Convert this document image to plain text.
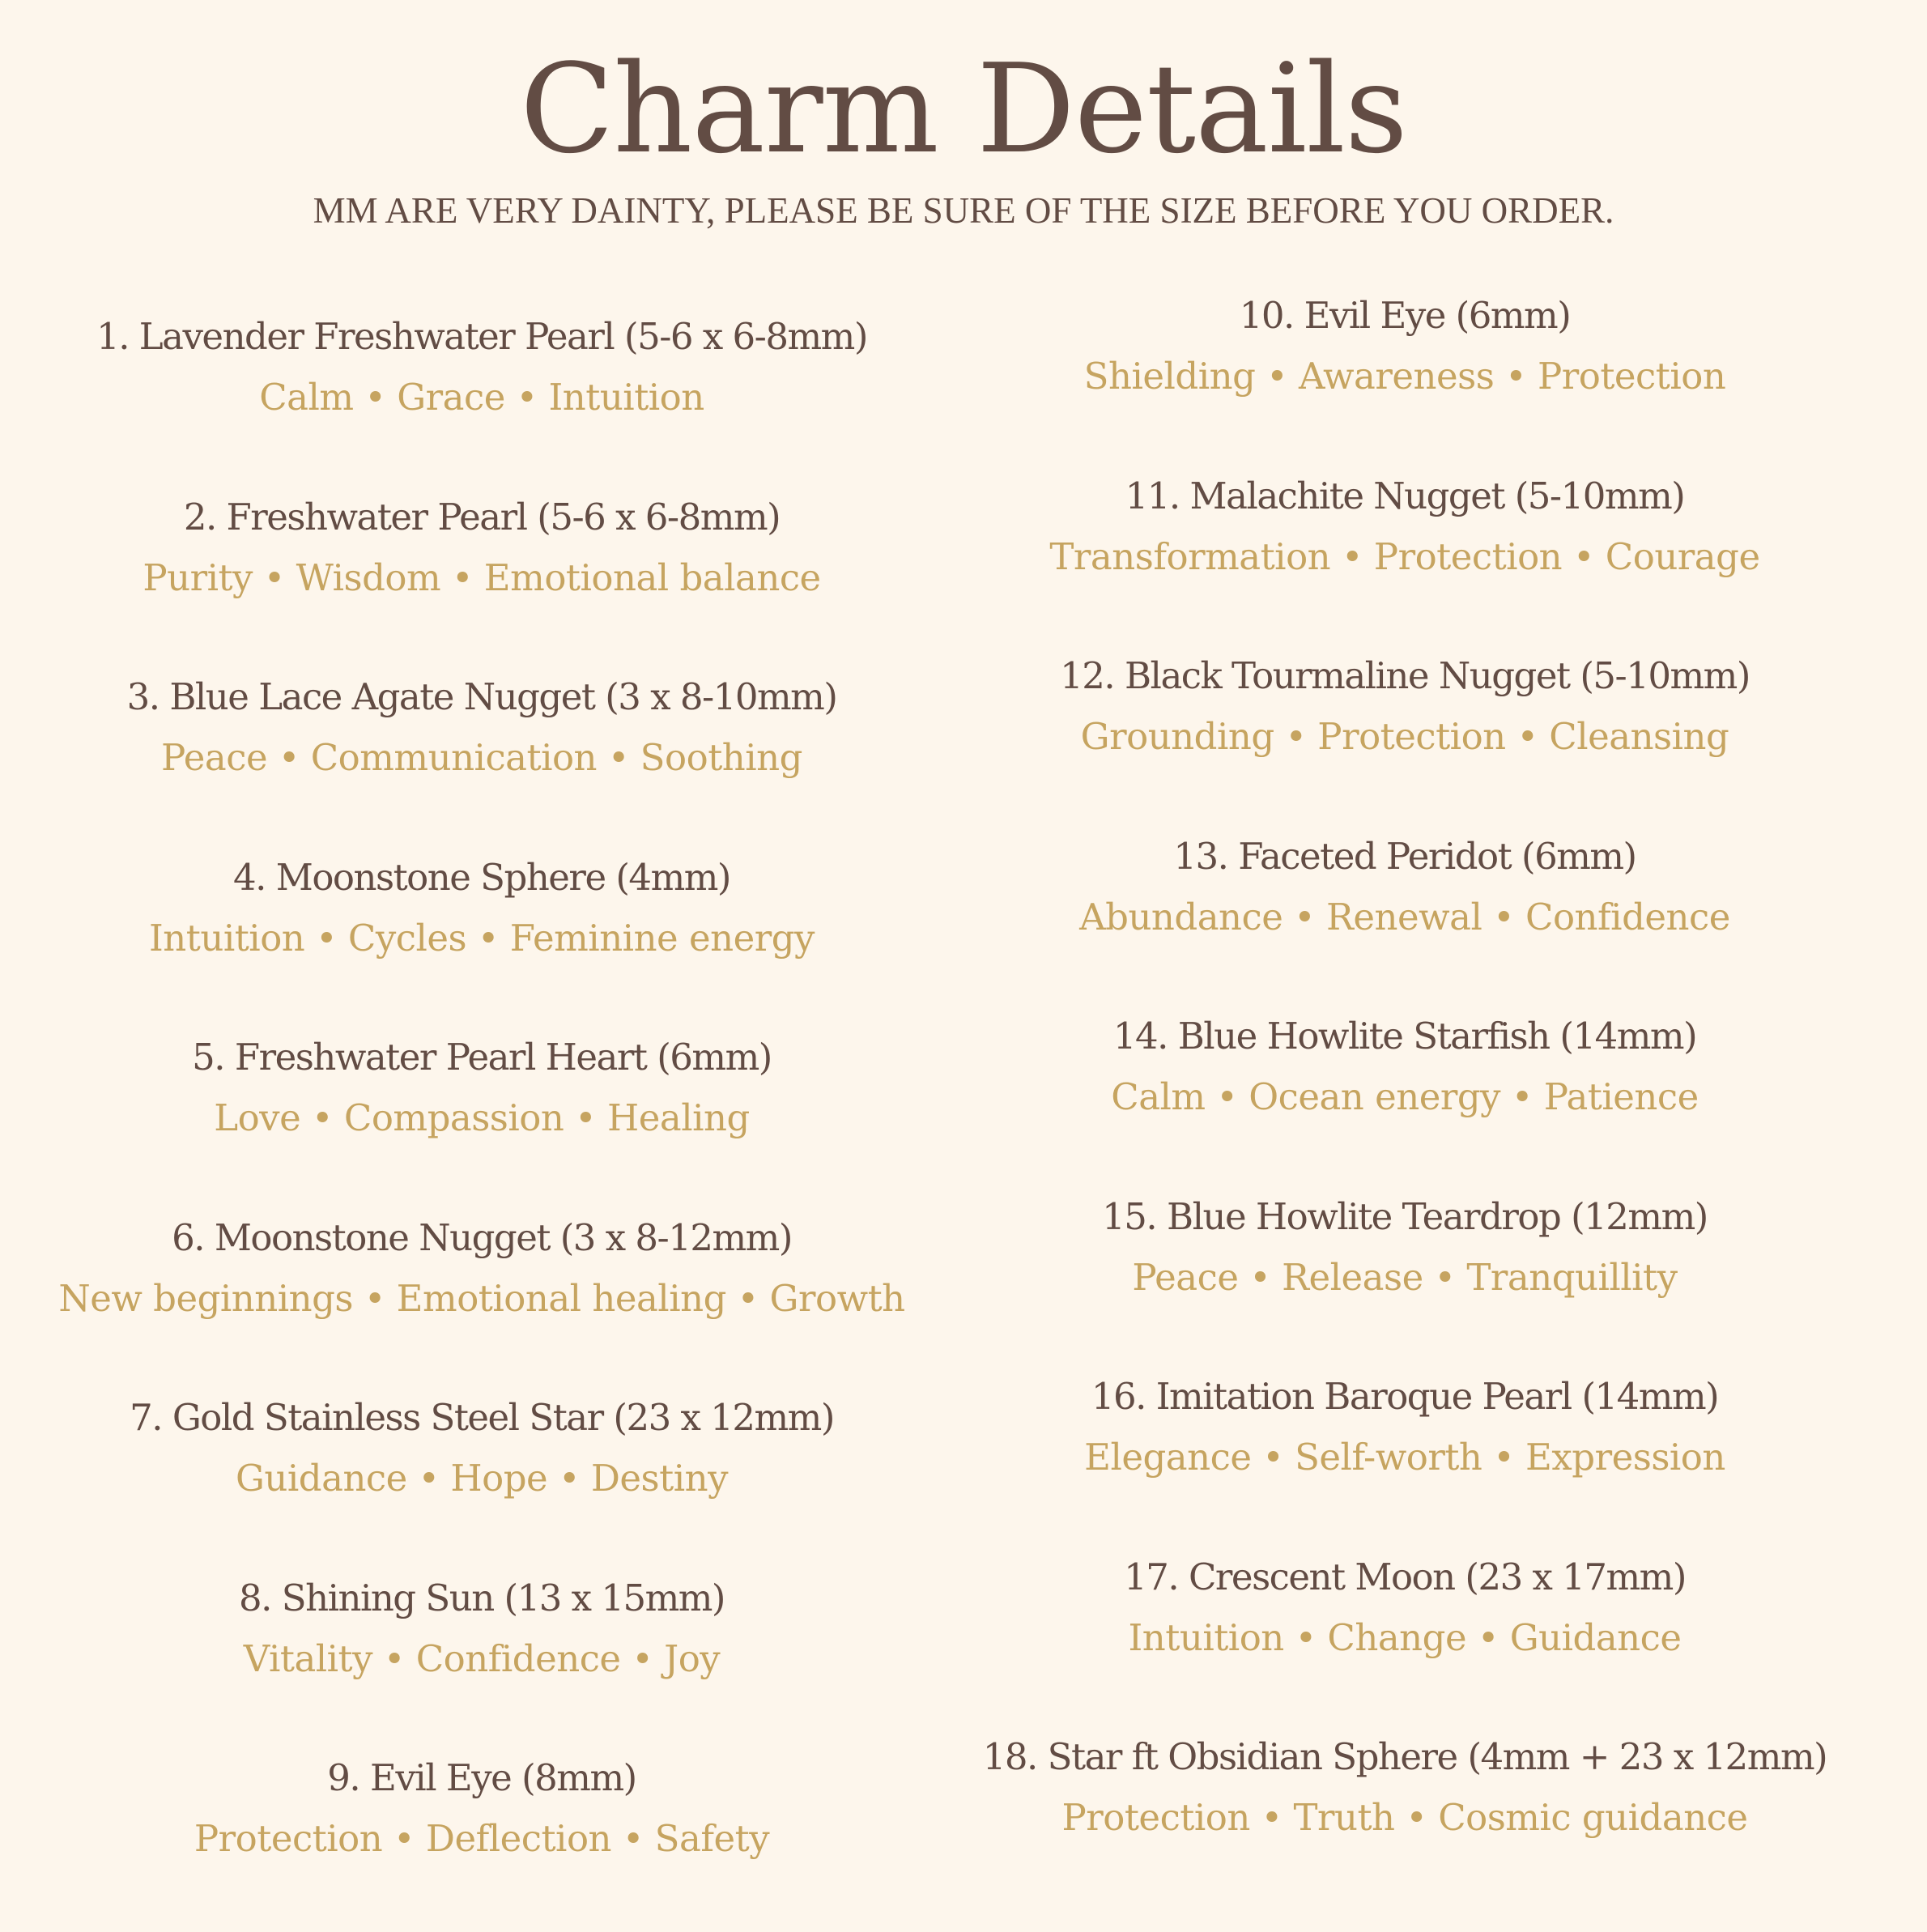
Charm Details
MM ARE VERY DAINTY, PLEASE BE SURE OF THE SIZE BEFORE YOU ORDER.
1. Lavender Freshwater Pearl (5-6 x 6-8mm)
Calm • Grace • Intuition
2. Freshwater Pearl (5-6 x 6-8mm)
Purity • Wisdom • Emotional balance
3. Blue Lace Agate Nugget (3 x 8-10mm)
Peace • Communication • Soothing
4. Moonstone Sphere (4mm)
Intuition • Cycles • Feminine energy
5. Freshwater Pearl Heart (6mm)
Love • Compassion • Healing
6. Moonstone Nugget (3 x 8-12mm)
New beginnings • Emotional healing • Growth
7. Gold Stainless Steel Star (23 x 12mm)
Guidance • Hope • Destiny
8. Shining Sun (13 x 15mm)
Vitality • Confidence • Joy
9. Evil Eye (8mm)
Protection • Deflection • Safety
10. Evil Eye (6mm)
Shielding • Awareness • Protection
11. Malachite Nugget (5-10mm)
Transformation • Protection • Courage
12. Black Tourmaline Nugget (5-10mm)
Grounding • Protection • Cleansing
13. Faceted Peridot (6mm)
Abundance • Renewal • Confidence
14. Blue Howlite Starfish (14mm)
Calm • Ocean energy • Patience
15. Blue Howlite Teardrop (12mm)
Peace • Release • Tranquillity
16. Imitation Baroque Pearl (14mm)
Elegance • Self-worth • Expression
17. Crescent Moon (23 x 17mm)
Intuition • Change • Guidance
18. Star ft Obsidian Sphere (4mm + 23 x 12mm)
Protection • Truth • Cosmic guidance
